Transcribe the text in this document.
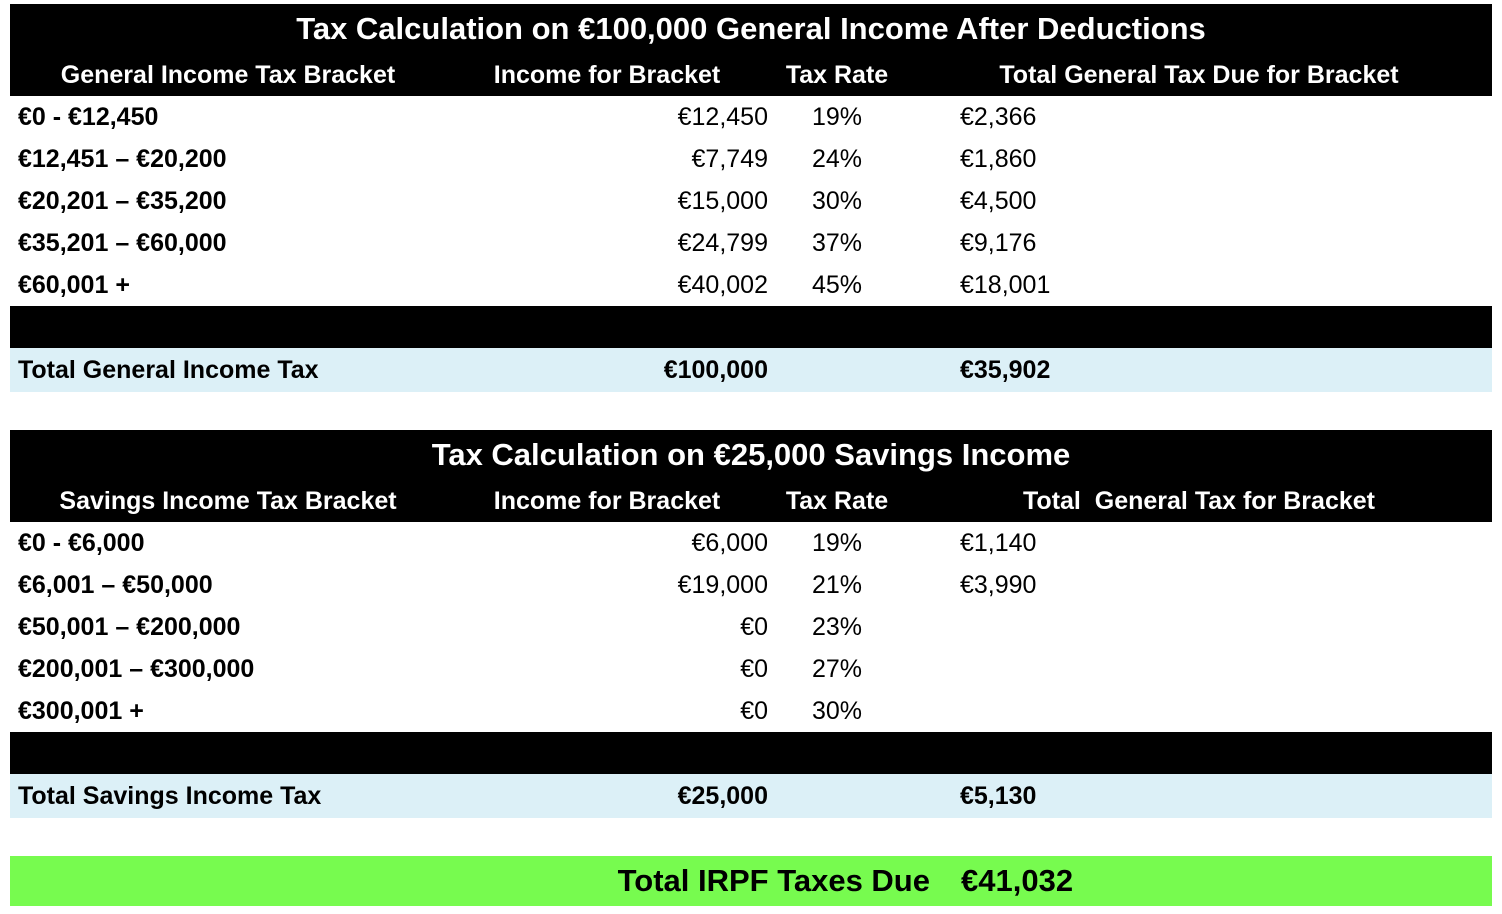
Tax Calculation on €100,000 General Income After Deductions
General Income Tax Bracket	Income for Bracket	Tax Rate	Total General Tax Due for Bracket
€0 - €12,450	€12,450	19%	€2,366
€12,451 – €20,200	€7,749	24%	€1,860
€20,201 – €35,200	€15,000	30%	€4,500
€35,201 – €60,000	€24,799	37%	€9,176
€60,001 +	€40,002	45%	€18,001
Total General Income Tax	€100,000	€35,902
Tax Calculation on €25,000 Savings Income
Savings Income Tax Bracket	Income for Bracket	Tax Rate	Total  General Tax for Bracket
€0 - €6,000	€6,000	19%	€1,140
€6,001 – €50,000	€19,000	21%	€3,990
€50,001 – €200,000	€0	23%
€200,001 – €300,000	€0	27%
€300,001 +	€0	30%
Total Savings Income Tax	€25,000	€5,130
Total IRPF Taxes Due €41,032
